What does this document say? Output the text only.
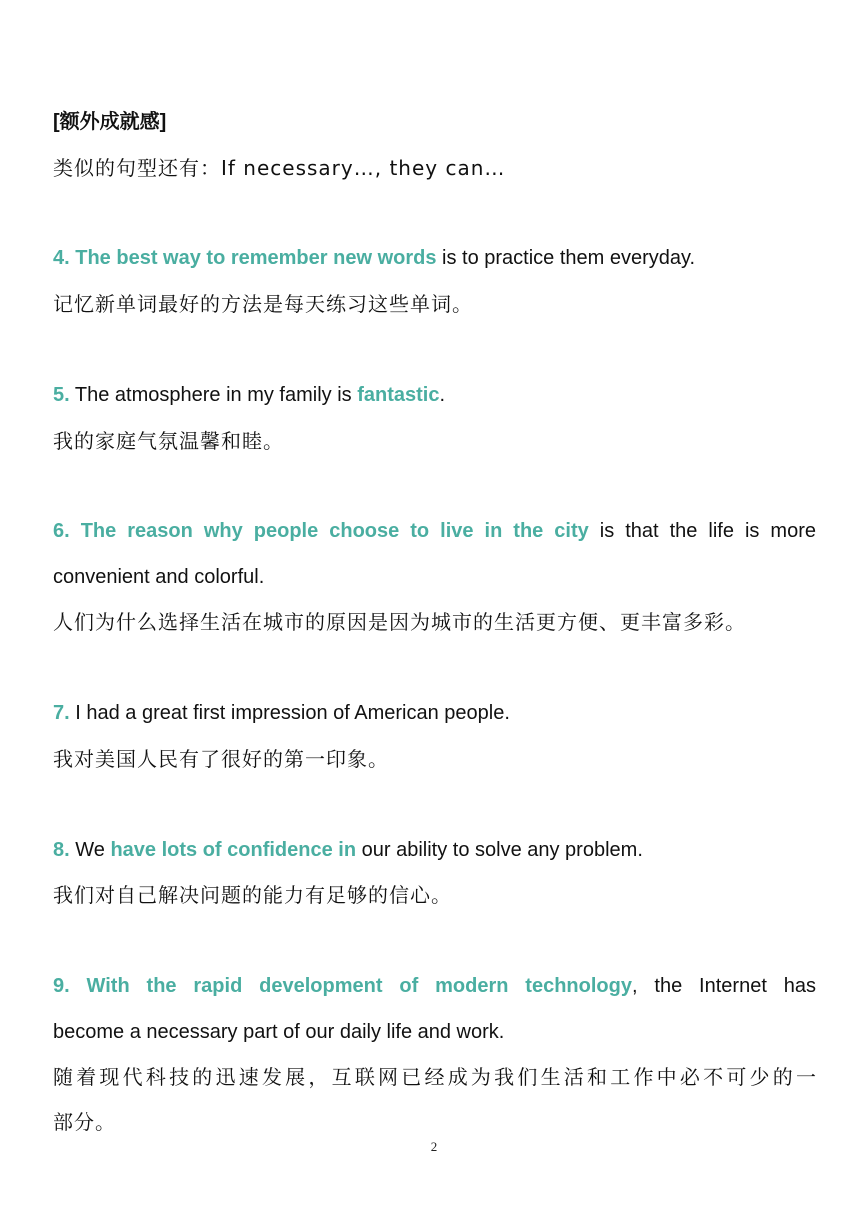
[额外成就感]
类似的句型还有：If necessary…, they can…
4. The best way to remember new words is to practice them everyday.
记忆新单词最好的方法是每天练习这些单词。
5. The atmosphere in my family is fantastic.
我的家庭气氛温馨和睦。
6. The reason why people choose to live in the city is that the life is more
convenient and colorful.
人们为什么选择生活在城市的原因是因为城市的生活更方便、更丰富多彩。
7. I had a great first impression of American people.
我对美国人民有了很好的第一印象。
8. We have lots of confidence in our ability to solve any problem.
我们对自己解决问题的能力有足够的信心。
9. With the rapid development of modern technology, the Internet has
become a necessary part of our daily life and work.
随着现代科技的迅速发展，互联网已经成为我们生活和工作中必不可少的一
部分。
2
